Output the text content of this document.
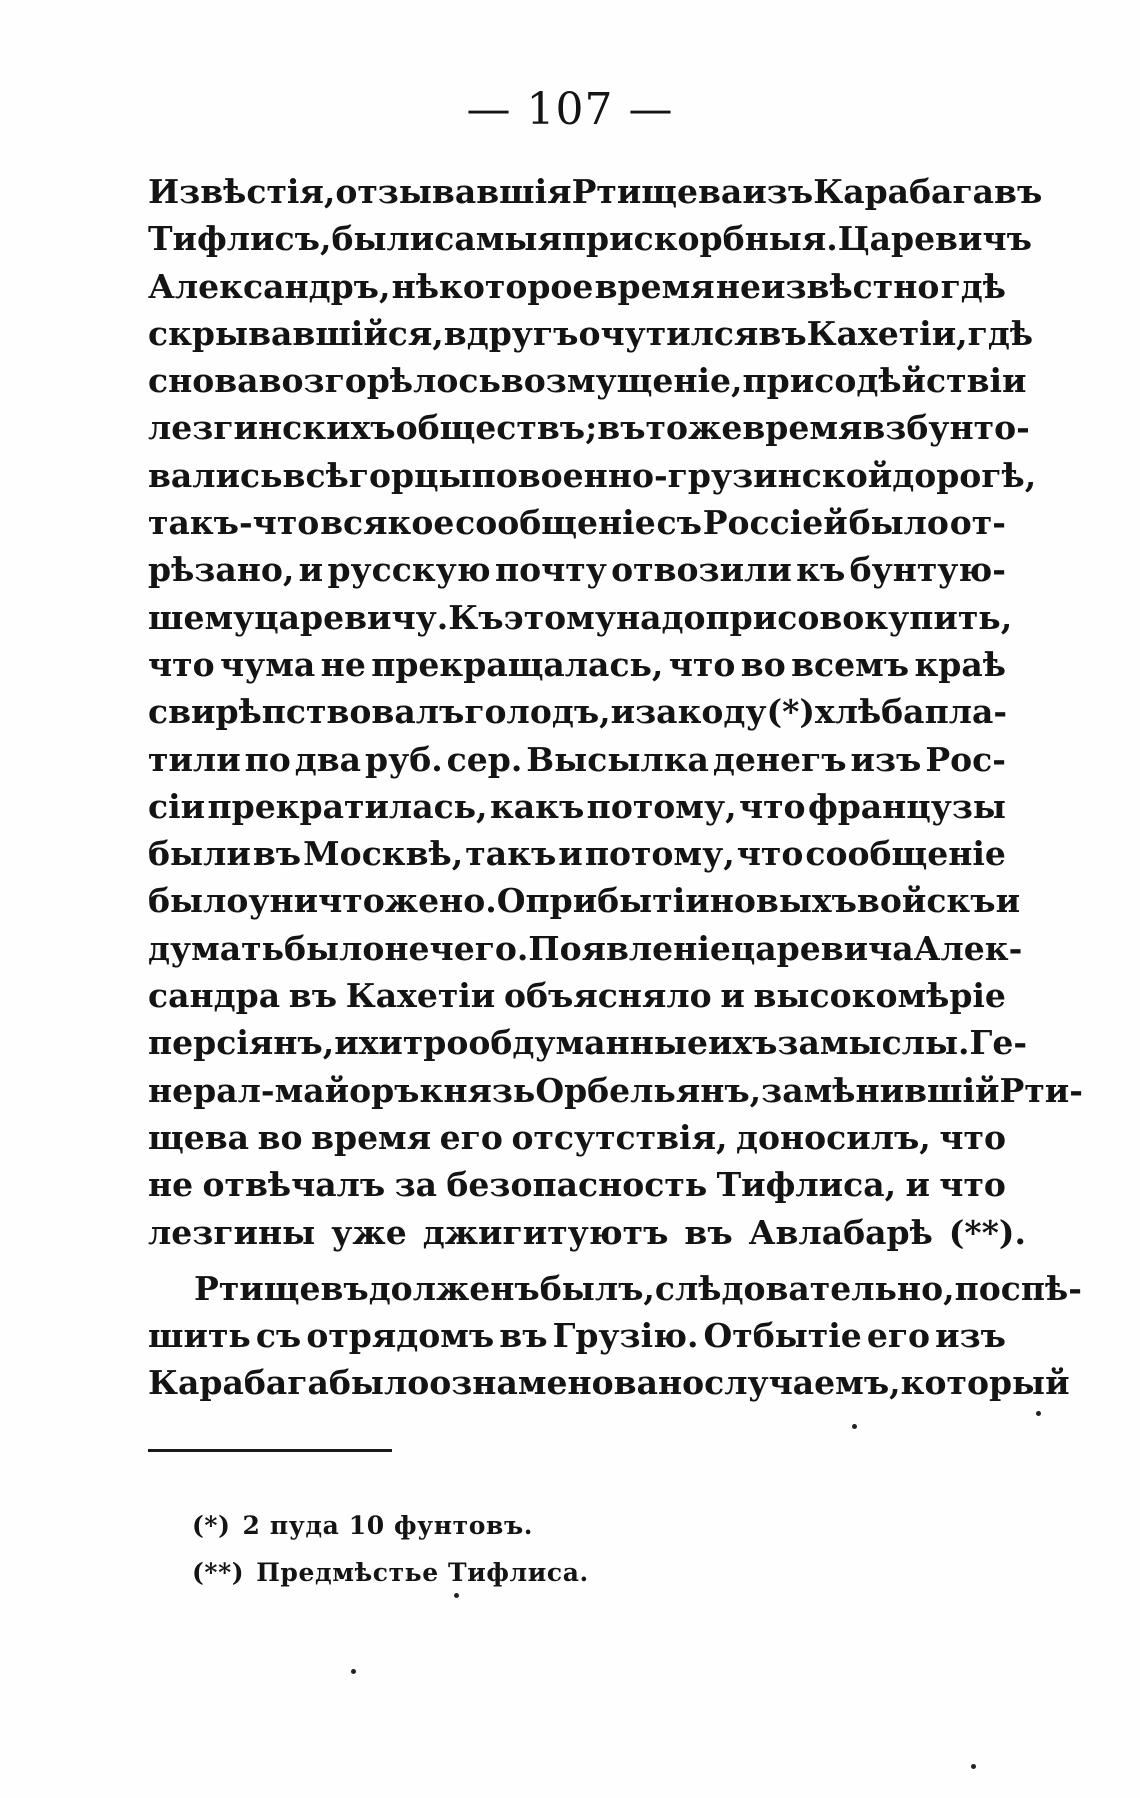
— 107 —
Извѣстія, отзывавшія Ртищева изъ Карабага въ
Тифлисъ, были самыя прискорбныя. Царевичъ
Александръ, нѣкоторое время неизвѣстно гдѣ
скрывавшійся, вдругъ очутился въ Кахетіи, гдѣ
снова возгорѣлось возмущеніе, при содѣйствіи
лезгинскихъ обществъ; въ то же время взбунто-
вались всѣ горцы по военно-грузинской дорогѣ,
такъ-что всякое сообщеніе съ Россіей было от-
рѣзано, и русскую почту отвозили къ бунтую-
шему царевичу. Къ этому надо присовокупить,
что чума не прекращалась, что во всемъ краѣ
свирѣпствовалъ голодъ, и за коду (*) хлѣба пла-
тили по два руб. сер. Высылка денегъ изъ Рос-
сіи прекратилась, какъ потому, что французы
были въ Москвѣ, такъ и потому, что сообщеніе
было уничтожено. О прибытіи новыхъ войскъ и
думать было нечего. Появленіе царевича Алек-
сандра въ Кахетіи объясняло и высокомѣріе
персіянъ, и хитрообдуманные ихъ замыслы. Ге-
нерал-майоръ князь Орбельянъ, замѣнившій Рти-
щева во время его отсутствія, доносилъ, что
не отвѣчалъ за безопасность Тифлиса, и что
лезгины уже джигитуютъ въ Авлабарѣ (**).
Ртищевъ долженъ былъ, слѣдовательно, поспѣ-
шить съ отрядомъ въ Грузію. Отбытіе его изъ
Карабага было ознаменовано случаемъ, который
(*) 2 пуда 10 фунтовъ.
(**) Предмѣстье Тифлиса.
